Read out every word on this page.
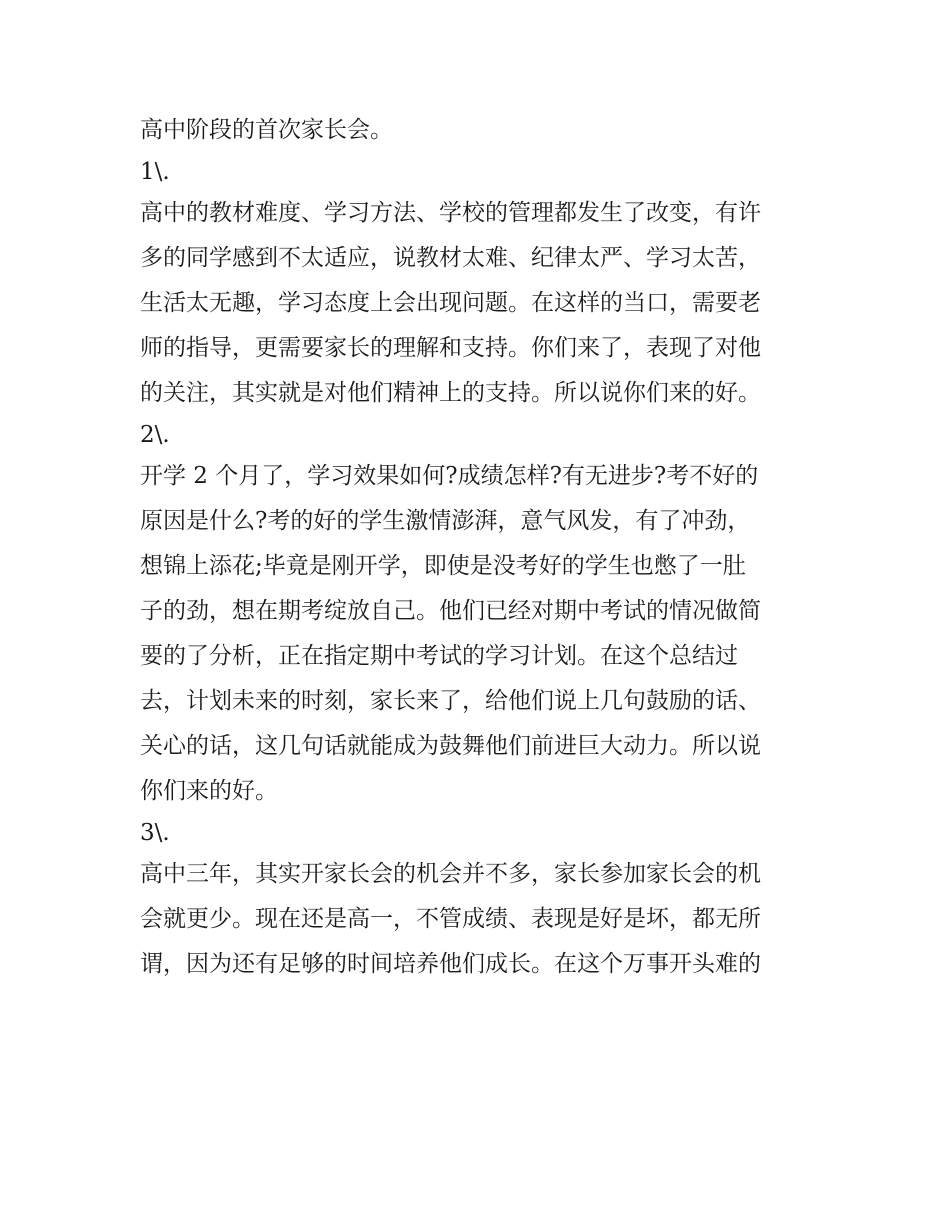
高中阶段的首次家长会。
1\.
高中的教材难度、学习方法、学校的管理都发生了改变，有许
多的同学感到不太适应，说教材太难、纪律太严、学习太苦，
生活太无趣，学习态度上会出现问题。在这样的当口，需要老
师的指导，更需要家长的理解和支持。你们来了，表现了对他
的关注，其实就是对他们精神上的支持。所以说你们来的好。
2\.
开学 2 个月了，学习效果如何?成绩怎样?有无进步?考不好的
原因是什么?考的好的学生激情澎湃，意气风发，有了冲劲，
想锦上添花;毕竟是刚开学，即使是没考好的学生也憋了一肚
子的劲，想在期考绽放自己。他们已经对期中考试的情况做简
要的了分析，正在指定期中考试的学习计划。在这个总结过
去，计划未来的时刻，家长来了，给他们说上几句鼓励的话、
关心的话，这几句话就能成为鼓舞他们前进巨大动力。所以说
你们来的好。
3\.
高中三年，其实开家长会的机会并不多，家长参加家长会的机
会就更少。现在还是高一，不管成绩、表现是好是坏，都无所
谓，因为还有足够的时间培养他们成长。在这个万事开头难的
